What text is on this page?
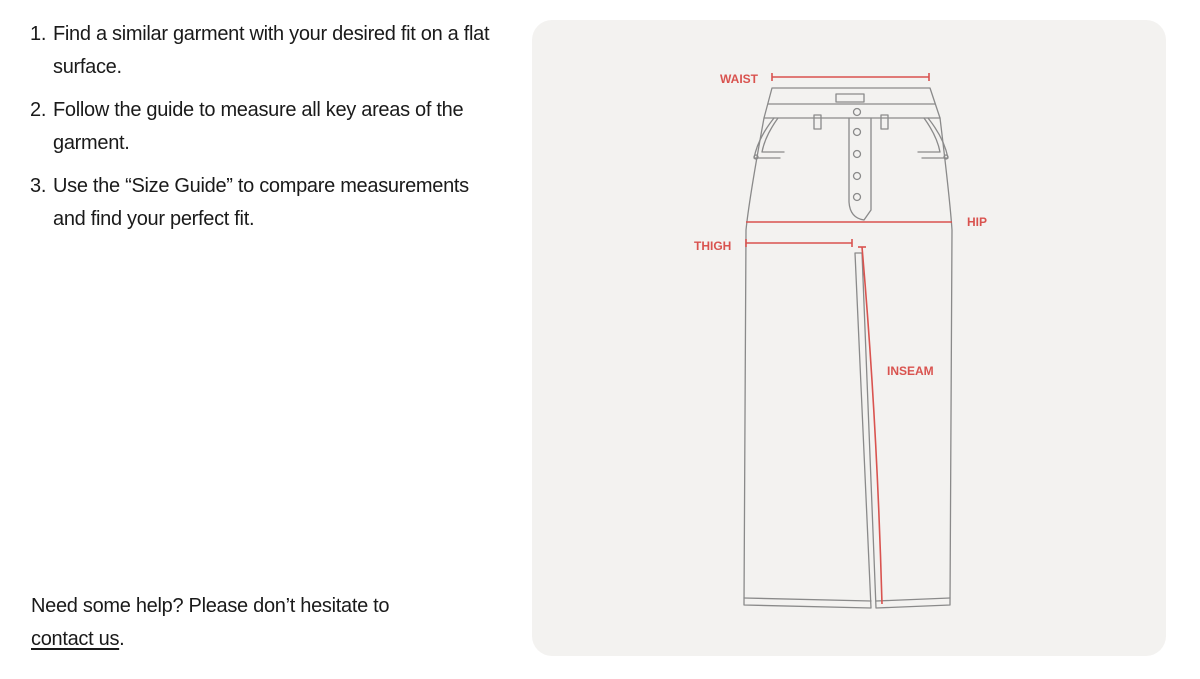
1. Find a similar garment with your desired fit on a flat surface.
2. Follow the guide to measure all key areas of the garment.
3. Use the “Size Guide” to compare measurements and find your perfect fit.
Need some help? Please don’t hesitate to
contact us.
WAIST
HIP
THIGH
INSEAM
